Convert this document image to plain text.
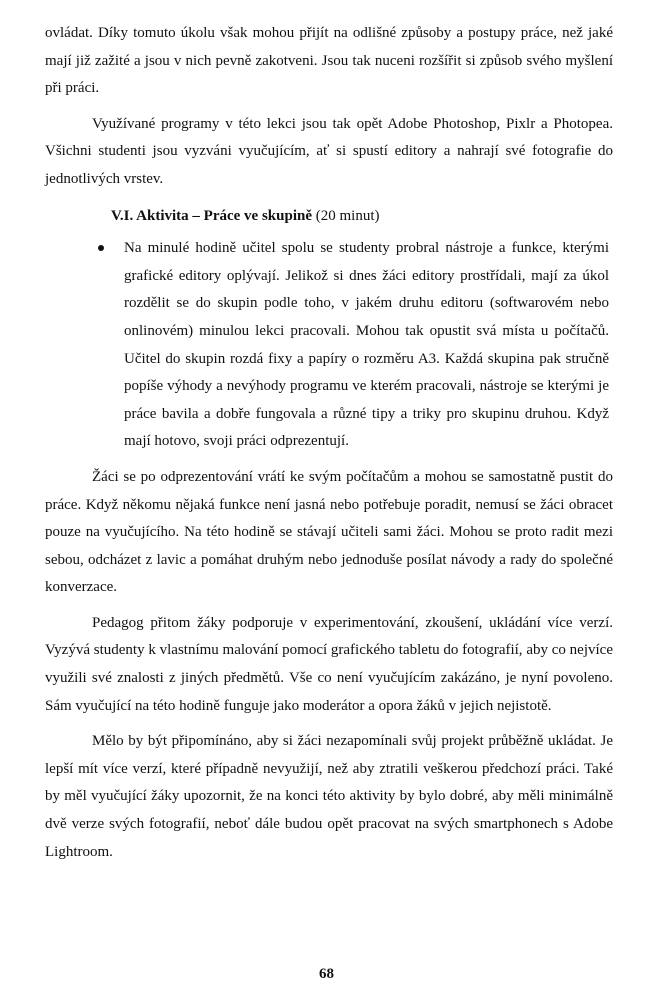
ovládat. Díky tomuto úkolu však mohou přijít na odlišné způsoby a postupy práce, než jaké mají již zažité a jsou v nich pevně zakotveni. Jsou tak nuceni rozšířit si způsob svého myšlení při práci.

Využívané programy v této lekci jsou tak opět Adobe Photoshop, Pixlr a Photopea. Všichni studenti jsou vyzváni vyučujícím, ať si spustí editory a nahrají své fotografie do jednotlivých vrstev.

V.I. Aktivita – Práce ve skupině (20 minut)

Na minulé hodině učitel spolu se studenty probral nástroje a funkce, kterými grafické editory oplývají. Jelikož si dnes žáci editory prostřídali, mají za úkol rozdělit se do skupin podle toho, v jakém druhu editoru (softwarovém nebo onlinovém) minulou lekci pracovali. Mohou tak opustit svá místa u počítačů. Učitel do skupin rozdá fixy a papíry o rozměru A3. Každá skupina pak stručně popíše výhody a nevýhody programu ve kterém pracovali, nástroje se kterými je práce bavila a dobře fungovala a různé tipy a triky pro skupinu druhou. Když mají hotovo, svoji práci odprezentují.

Žáci se po odprezentování vrátí ke svým počítačům a mohou se samostatně pustit do práce. Když někomu nějaká funkce není jasná nebo potřebuje poradit, nemusí se žáci obracet pouze na vyučujícího. Na této hodině se stávají učiteli sami žáci. Mohou se proto radit mezi sebou, odcházet z lavic a pomáhat druhým nebo jednoduše posílat návody a rady do společné konverzace.

Pedagog přitom žáky podporuje v experimentování, zkoušení, ukládání více verzí. Vyzývá studenty k vlastnímu malování pomocí grafického tabletu do fotografií, aby co nejvíce využili své znalosti z jiných předmětů. Vše co není vyučujícím zakázáno, je nyní povoleno. Sám vyučující na této hodině funguje jako moderátor a opora žáků v jejich nejistotě.

Mělo by být připomínáno, aby si žáci nezapomínali svůj projekt průběžně ukládat. Je lepší mít více verzí, které případně nevyužijí, než aby ztratili veškerou předchozí práci. Také by měl vyučující žáky upozornit, že na konci této aktivity by bylo dobré, aby měli minimálně dvě verze svých fotografií, neboť dále budou opět pracovat na svých smartphonech s Adobe Lightroom.

68
